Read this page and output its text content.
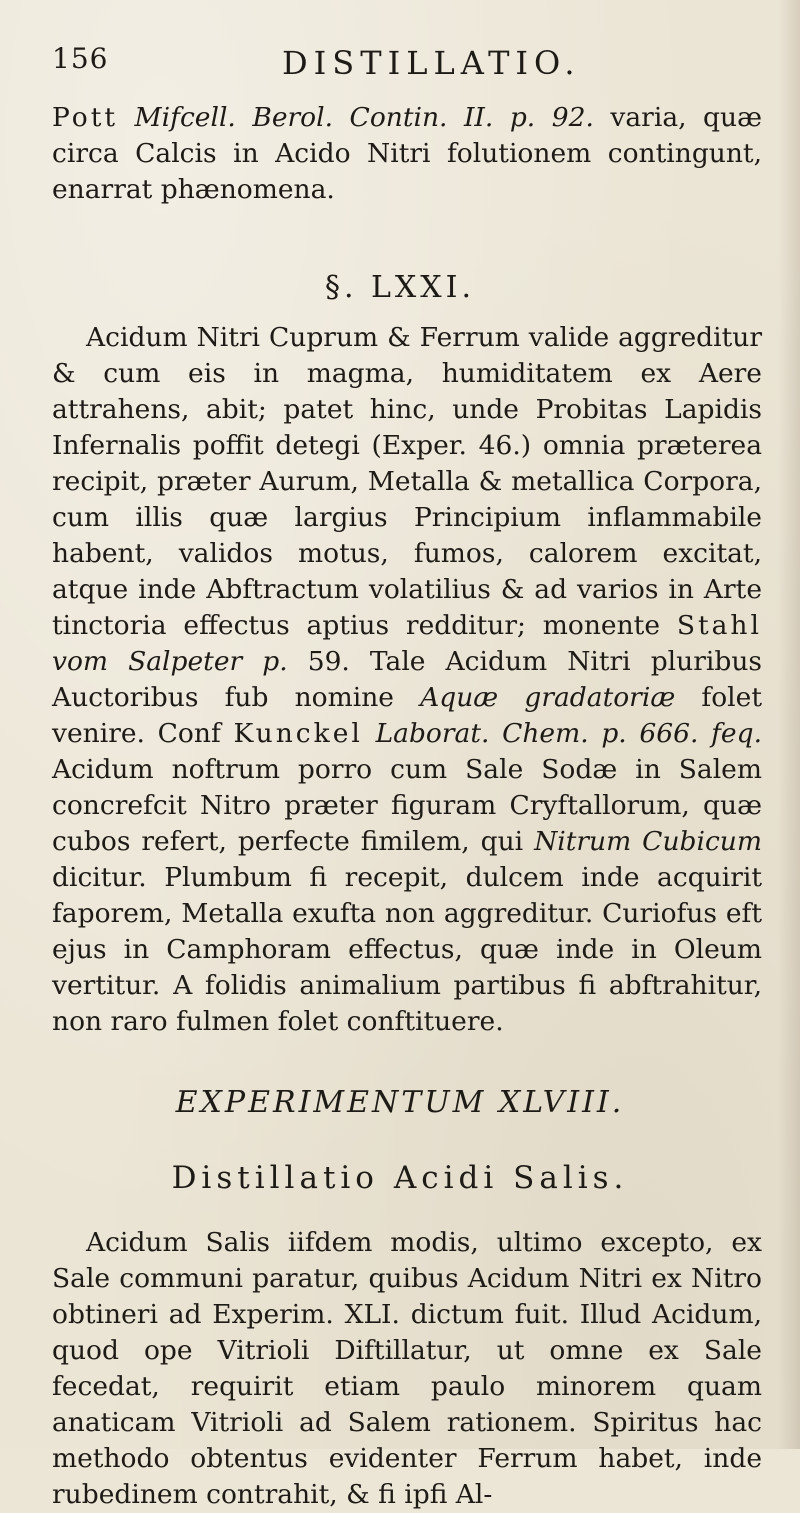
156	DISTILLATIO.

Pott Mifcell. Berol. Contin. II. p. 92. varia, quæ circa Calcis in Acido Nitri folutionem contingunt, enarrat phænomena.

§. LXXI.

Acidum Nitri Cuprum & Ferrum valide aggreditur & cum eis in magma, humiditatem ex Aere attrahens, abit; patet hinc, unde Probitas Lapidis Infernalis poffit detegi (Exper. 46.) omnia præterea recipit, præter Aurum, Metalla & metallica Corpora, cum illis quæ largius Principium inflammabile habent, validos motus, fumos, calorem excitat, atque inde Abftractum volatilius & ad varios in Arte tinctoria effectus aptius redditur; monente Stahl vom Salpeter p. 59. Tale Acidum Nitri pluribus Auctoribus fub nomine Aquæ gradatoriæ folet venire. Conf Kunckel Laborat. Chem. p. 666. feq. Acidum noftrum porro cum Sale Sodæ in Salem concrefcit Nitro præter figuram Cryftallorum, quæ cubos refert, perfecte fimilem, qui Nitrum Cubicum dicitur. Plumbum fi recepit, dulcem inde acquirit faporem, Metalla exufta non aggreditur. Curiofus eft ejus in Camphoram effectus, quæ inde in Oleum vertitur. A folidis animalium partibus fi abftrahitur, non raro fulmen folet conftituere.

EXPERIMENTUM XLVIII.
Distillatio Acidi Salis.

Acidum Salis iifdem modis, ultimo excepto, ex Sale communi paratur, quibus Acidum Nitri ex Nitro obtineri ad Experim. XLI. dictum fuit. Illud Acidum, quod ope Vitrioli Diftillatur, ut omne ex Sale fecedat, requirit etiam paulo minorem quam anaticam Vitrioli ad Salem rationem. Spiritus hac methodo obtentus evidenter Ferrum habet, inde rubedinem contrahit, & fi ipfi Al-
